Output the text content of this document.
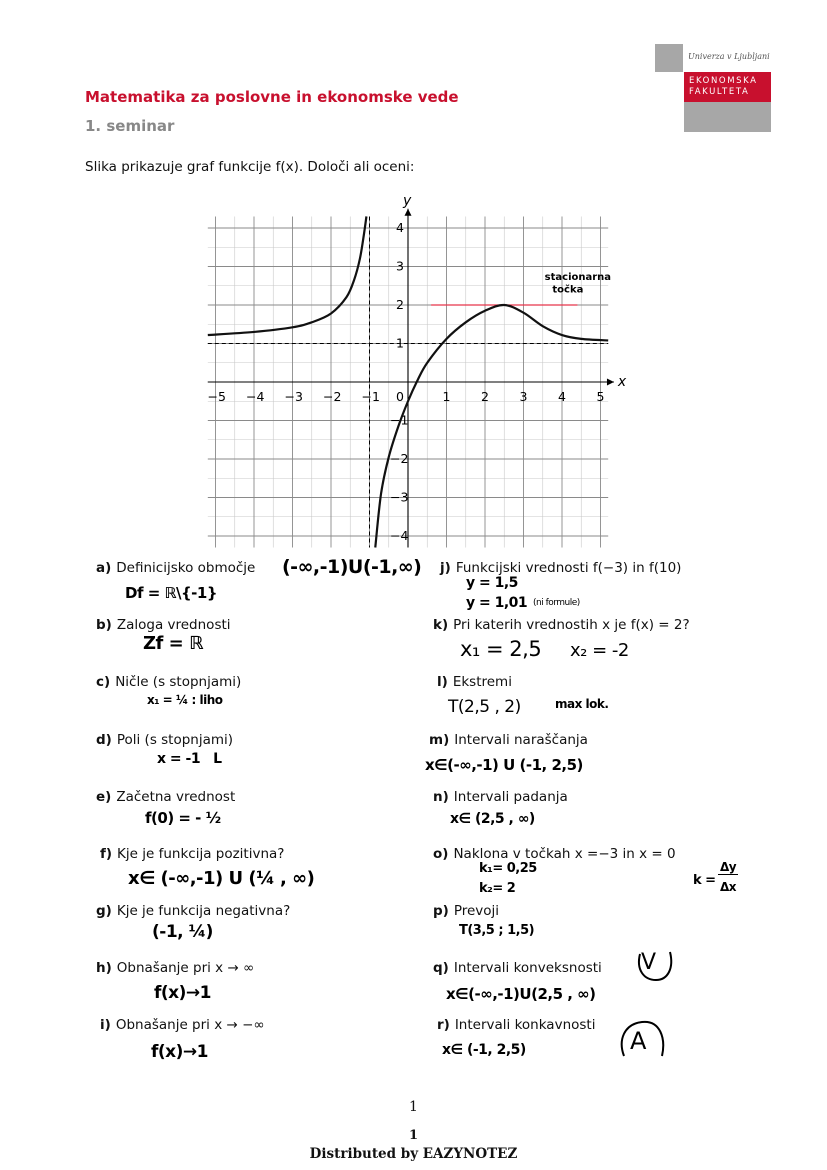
Univerza v Ljubljani
EKONOMSKA
FAKULTETA
Matematika za poslovne in ekonomske vede
1. seminar
Slika prikazuje graf funkcije f(x). Določi ali oceni:
x
y
−5 −4 −3 −2 −1 0	1 2 3 4 5
4
3
2
1
−1
−2
−3
−4
stacionarna
točka
a) Definicijsko območje (-∞,-1)U(-1,∞)
Df = ℝ\{-1}
b) Zaloga vrednosti
Zf = ℝ
c) Ničle (s stopnjami)
x₁ = ¼ : liho
d) Poli (s stopnjami)
x = -1   L
e) Začetna vrednost
f(0) = - ½
f) Kje je funkcija pozitivna?
x∈ (-∞,-1) U (¼ , ∞)
g) Kje je funkcija negativna?
(-1, ¼)
h) Obnašanje pri x → ∞
f(x)→1
i) Obnašanje pri x → −∞
f(x)→1
j) Funkcijski vrednosti f(−3) in f(10)
y = 1,5
y = 1,01 (ni formule)
k) Pri katerih vrednostih x je f(x) = 2?
x₁ = 2,5 x₂ = -2
l) Ekstremi
T(2,5 , 2)	max lok.
m) Intervali naraščanja
x∈(-∞,-1) U (-1, 2,5)
n) Intervali padanja
x∈ (2,5 , ∞)
o) Naklona v točkah x =−3 in x = 0
k₁= 0,25
k₂= 2
k =
Δy
Δx
p) Prevoji
T(3,5 ; 1,5)
q) Intervali konveksnosti V
x∈(-∞,-1)U(2,5 , ∞)
r) Intervali konkavnosti
A
x∈ (-1, 2,5)
1
1
Distributed by EAZYNOTEZ
